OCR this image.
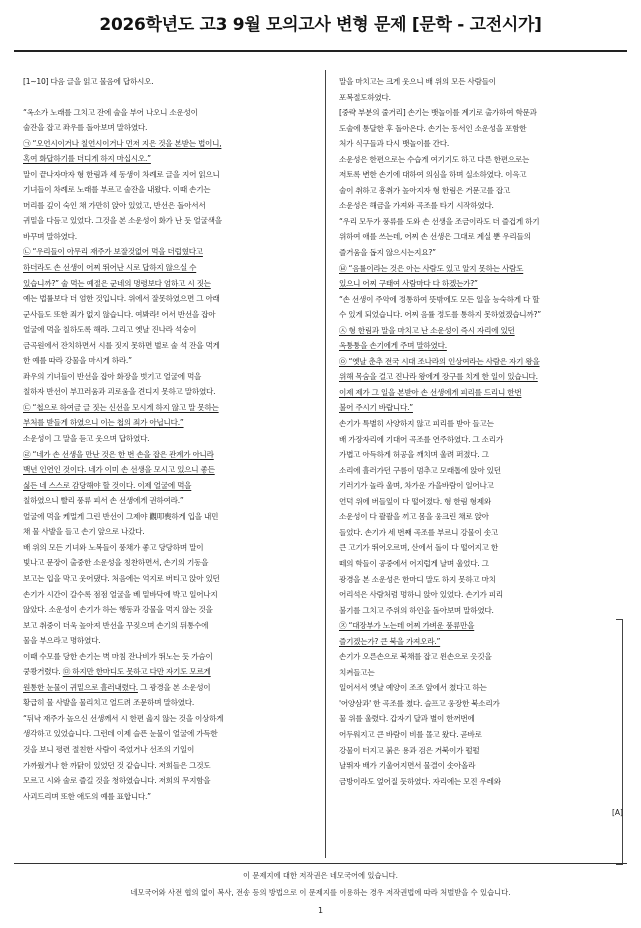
2026학년도 고3 9월 모의고사 변형 문제 [문학 - 고전시가]

[1~10] 다음 글을 읽고 물음에 답하시오.

“옥소가 노래를 그치고 잔에 술을 부어 나오니 소운성이

술잔을 잡고 좌우를 돌아보며 말하였다.

㉠ “오언시이거나 칠언시이거나 먼저 지은 것을 본받는 법이니,

혹여 화답하기를 더디게 하지 마십시오.”

말이 끝나자마자 형 한림과 세 동생이 차례로 글을 지어 읽으니

기녀들이 차례로 노래를 부르고 술잔을 내왔다. 이때 손기는

머리를 깊이 숙인 채 가만히 앉아 있었고, 반선은 돌아서서

귀밑을 다듬고 있었다. 그것을 본 소운성이 화가 난 듯 얼굴색을

바꾸며 말하였다.

㉡ “우리들이 아무리 재주가 보잘것없어 먹을 더럽혔다고

하더라도 손 선생이 어찌 뛰어난 시로 답하지 않으실 수

있습니까?” 술 먹는 예절은 군네의 명령보다 엄하고 시 짓는

예는 법률보다 더 엄한 것입니다. 위에서 잘못하였으면 그 아래

군사들도 또한 죄가 없지 않습니다. 여봐라! 어서 반선을 잡아

얼굴에 먹을 칠하도록 해라. 그리고 옛날 진나라 석숭이

금곡원에서 잔치하면서 시를 짓지 못하면 벌로 술 석 잔을 먹게

한 예를 따라 강물을 마시게 하라.”

좌우의 기녀들이 반선을 잡아 화장을 벗기고 얼굴에 먹을

칠하자 반선이 부끄러움과 괴로움을 견디지 못하고 말하였다.

㉢ “첩으로 하여금 글 짓는 신선을 모시게 하지 않고 말 못하는

부처를 받들게 하였으니 이는 첩의 죄가 아닙니다.”

소운성이 그 말을 듣고 웃으며 답하였다.

㉣ “네가 손 선생을 만난 것은 한 번 손을 잡은 관계가 아니라

백년 인연인 것이다. 네가 이미 손 선생을 모시고 있으니 좋든

싫든 네 스스로 감당해야 할 것이다. 이제 얼굴에 먹을

칠하였으니 빨리 풍류 피서 손 선생에게 권하여라.”

얼굴에 먹을 케멀게 그린 반선이 그제야 觀叩喪하게 입을 내민

채 물 사발을 들고 손기 앞으로 나갔다.

배 위의 모든 기녀와 노복들이 풍채가 좋고 당당하며 말이

빛나고 문장이 출중한 소운성을 칭찬하면서, 손기의 기동을

보고는 입을 막고 웃어댔다. 처음에는 억지로 버티고 앉아 있던

손기가 시간이 갈수록 점점 얼굴을 베 밑바닥에 박고 일어나지

않았다. 소운성이 손기가 하는 행동과 강물을 먹지 않는 것을

보고 취중이 더욱 높아져 반선을 꾸짖으며 손기의 뒤통수에

물을 부으라고 명하였다.

이때 수모를 당한 손기는 벽 마침 잔나비가 뛰노는 듯 가슴이

쿵쾅거렸다. ㉤ 하지만 한마디도 못하고 다만 자기도 모르게

원통한 눈물이 귀밑으로 흘러내렸다. 그 광경을 본 소운성이

황급히 물 사발을 물리치고 얼드려 조문하며 말하였다.

“뒤낙 재주가 높으신 선생께서 시 한편 읊지 않는 것을 이상하게

생각하고 있었습니다. 그런데 이제 슬픈 눈물이 얼굴에 가득한

것을 보니 평련 절친한 사람이 죽었거나 선조의 기일이

가까웠거나 한 까닭이 있었던 것 같습니다. 저희들은 그것도

모르고 시와 술로 즐길 것을 청하였습니다. 저희의 무지함을

사괴드리며 또한 애도의 예를 표합니다.”

말을 마치고는 크게 웃으니 배 위의 모든 사람들이

포복절도하였다.

[중략 부분의 줄거리] 손기는 뱃놀이를 계기로 출가하여 학문과

도술에 통달한 후 돌아온다. 손기는 동서인 소운성을 포함한

처가 식구들과 다시 뱃놀이를 간다.

소운성은 한편으로는 수습게 여기기도 하고 다른 한편으로는

저토록 변한 손기에 대하여 의심을 하며 실소하였다. 이윽고

술이 취하고 흥취가 높아지자 형 한림은 거문고를 잡고

소운성은 해금을 가져와 곡조를 타기 시작하였다.

“우리 모두가 풍류를 도와 손 선생을 조금이라도 더 즐겁게 하기

위하여 애를 쓰는데, 어찌 손 선생은 그대로 계실 뿐 우리들의

즐거움을 돕지 않으시는지요?”

㉥ “음률이라는 것은 아는 사람도 있고 알지 못하는 사람도

있으니 어찌 구태여 사람마다 다 하겠는가?”

“손 선생이 주악에 정통하여 뜻밖에도 모든 일을 능숙하게 다 할

수 있게 되었습니다. 어찌 음률 정도를 통하지 못하였겠습니까?”

㉦ 형 한림과 말을 마치고 난 소운성이 즉시 자리에 있던

옥퉁퉁을 손기에게 주며 말하였다.

㉧ “옛날 춘추 전국 시대 조나라의 인상여라는 사람은 자기 왕을

위해 목숨을 걸고 진나라 왕에게 장구를 치게 한 일이 있습니다.

이제 제가 그 일을 본받아 손 선생에게 피리를 드리니 한번

불어 주시기 바랍니다.”

손기가 특별히 사양하지 않고 피리를 받아 들고는

배 가장자리에 기대어 곡조를 연주하였다. 그 소리가

가볍고 아득하게 허공을 깨치며 울려 퍼졌다. 그

소리에 흘러가던 구름이 멈추고 모래톱에 앉아 있던

기러기가 놀라 울며, 차가운 가을바람이 일어나고

언덕 위에 버들잎이 다 떨어졌다. 형 한림 형제와

소운성이 다 괄괄을 끼고 몸을 웅크린 채로 앉아

들었다. 손기가 세 번째 곡조를 부르니 강물이 솟고

큰 고기가 뛰어오르며, 산에서 돌이 다 떨어지고 한

떼의 학들이 공중에서 어지럽게 날며 울었다. 그

광경을 본 소운성은 한마디 말도 하지 못하고 마치

어리석은 사람처럼 멍하니 앉아 있었다. 손기가 피리

불기를 그치고 주위의 하인을 돌아보며 말하였다.

㉨ “대장부가 노는데 어찌 가벼운 풍류만을

즐기겠는가? 큰 북을 가져오라.”

손기가 오른손으로 북채를 잡고 왼손으로 옷깃을

치켜들고는

일어서서 옛날 예양이 조조 앞에서 쳤다고 하는

'어양삼과' 한 곡조를 쳤다. 슬프고 웅장한 북소리가

물 위를 울렸다. 갑자기 달과 별이 한꺼번에

어두워지고 큰 바람이 비를 몰고 왔다. 곧바로

강물이 터지고 붉은 용과 검은 거북이가 펄펄

날뛰자 배가 기울어지면서 물결이 솟아올라

금방이라도 엎어질 듯하였다. 자리에는 모진 우레와

[A]
이 문제지에 대한 저작권은 네모국어에 있습니다.
네모국어와 사전 협의 없이 복사, 전송 등의 방법으로 이 문제지를 이용하는 경우 저작권법에 따라 처벌받을 수 있습니다.
1
